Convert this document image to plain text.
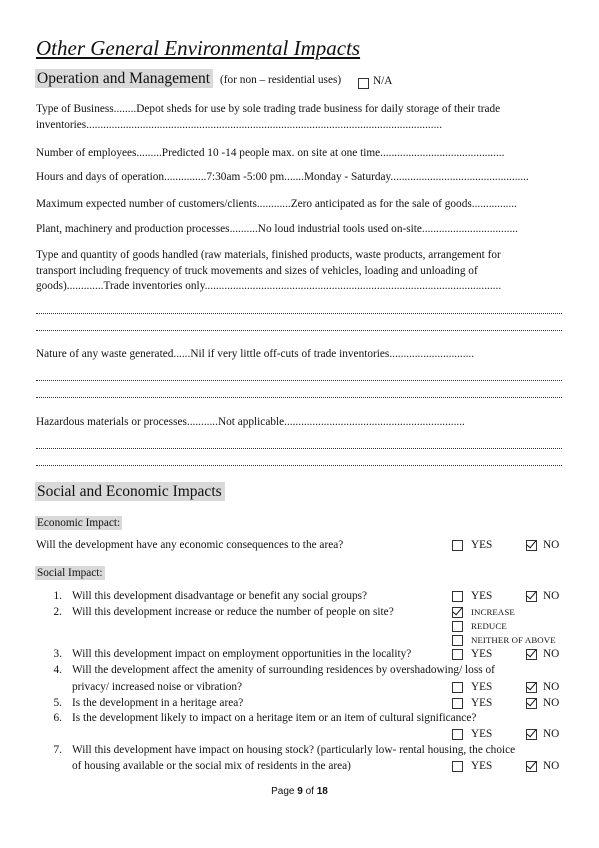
Other General Environmental Impacts
Operation and Management (for non – residential uses)	N/A
Type of Business........Depot sheds for use by sole trading trade business for daily storage of their trade
inventories..............................................................................................................................
Number of employees.........Predicted 10 -14 people max. on site at one time............................................
Hours and days of operation...............7:30am -5:00 pm.......Monday - Saturday.................................................
Maximum expected number of customers/clients............Zero anticipated as for the sale of goods................
Plant, machinery and production processes..........No loud industrial tools used on-site..................................
Type and quantity of goods handled (raw materials, finished products, waste products, arrangement for
transport including frequency of truck movements and sizes of vehicles, loading and unloading of
goods).............Trade inventories only.........................................................................................................
Nature of any waste generated......Nil if very little off-cuts of trade inventories..............................
Hazardous materials or processes...........Not applicable................................................................
Social and Economic Impacts
Economic Impact:
Will the development have any economic consequences to the area?	YES	NO
Social Impact:
1. Will this development disadvantage or benefit any social groups?	YES	NO
2. Will this development increase or reduce the number of people on site?	INCREASE
REDUCE
NEITHER OF ABOVE
3. Will this development impact on employment opportunities in the locality?	YES	NO
4. Will the development affect the amenity of surrounding residences by overshadowing/ loss of
privacy/ increased noise or vibration?	YES	NO
5. Is the development in a heritage area?	YES	NO
6. Is the development likely to impact on a heritage item or an item of cultural significance?
YES	NO
7. Will this development have impact on housing stock? (particularly low- rental housing, the choice
of housing available or the social mix of residents in the area)	YES	NO
Page 9 of 18
